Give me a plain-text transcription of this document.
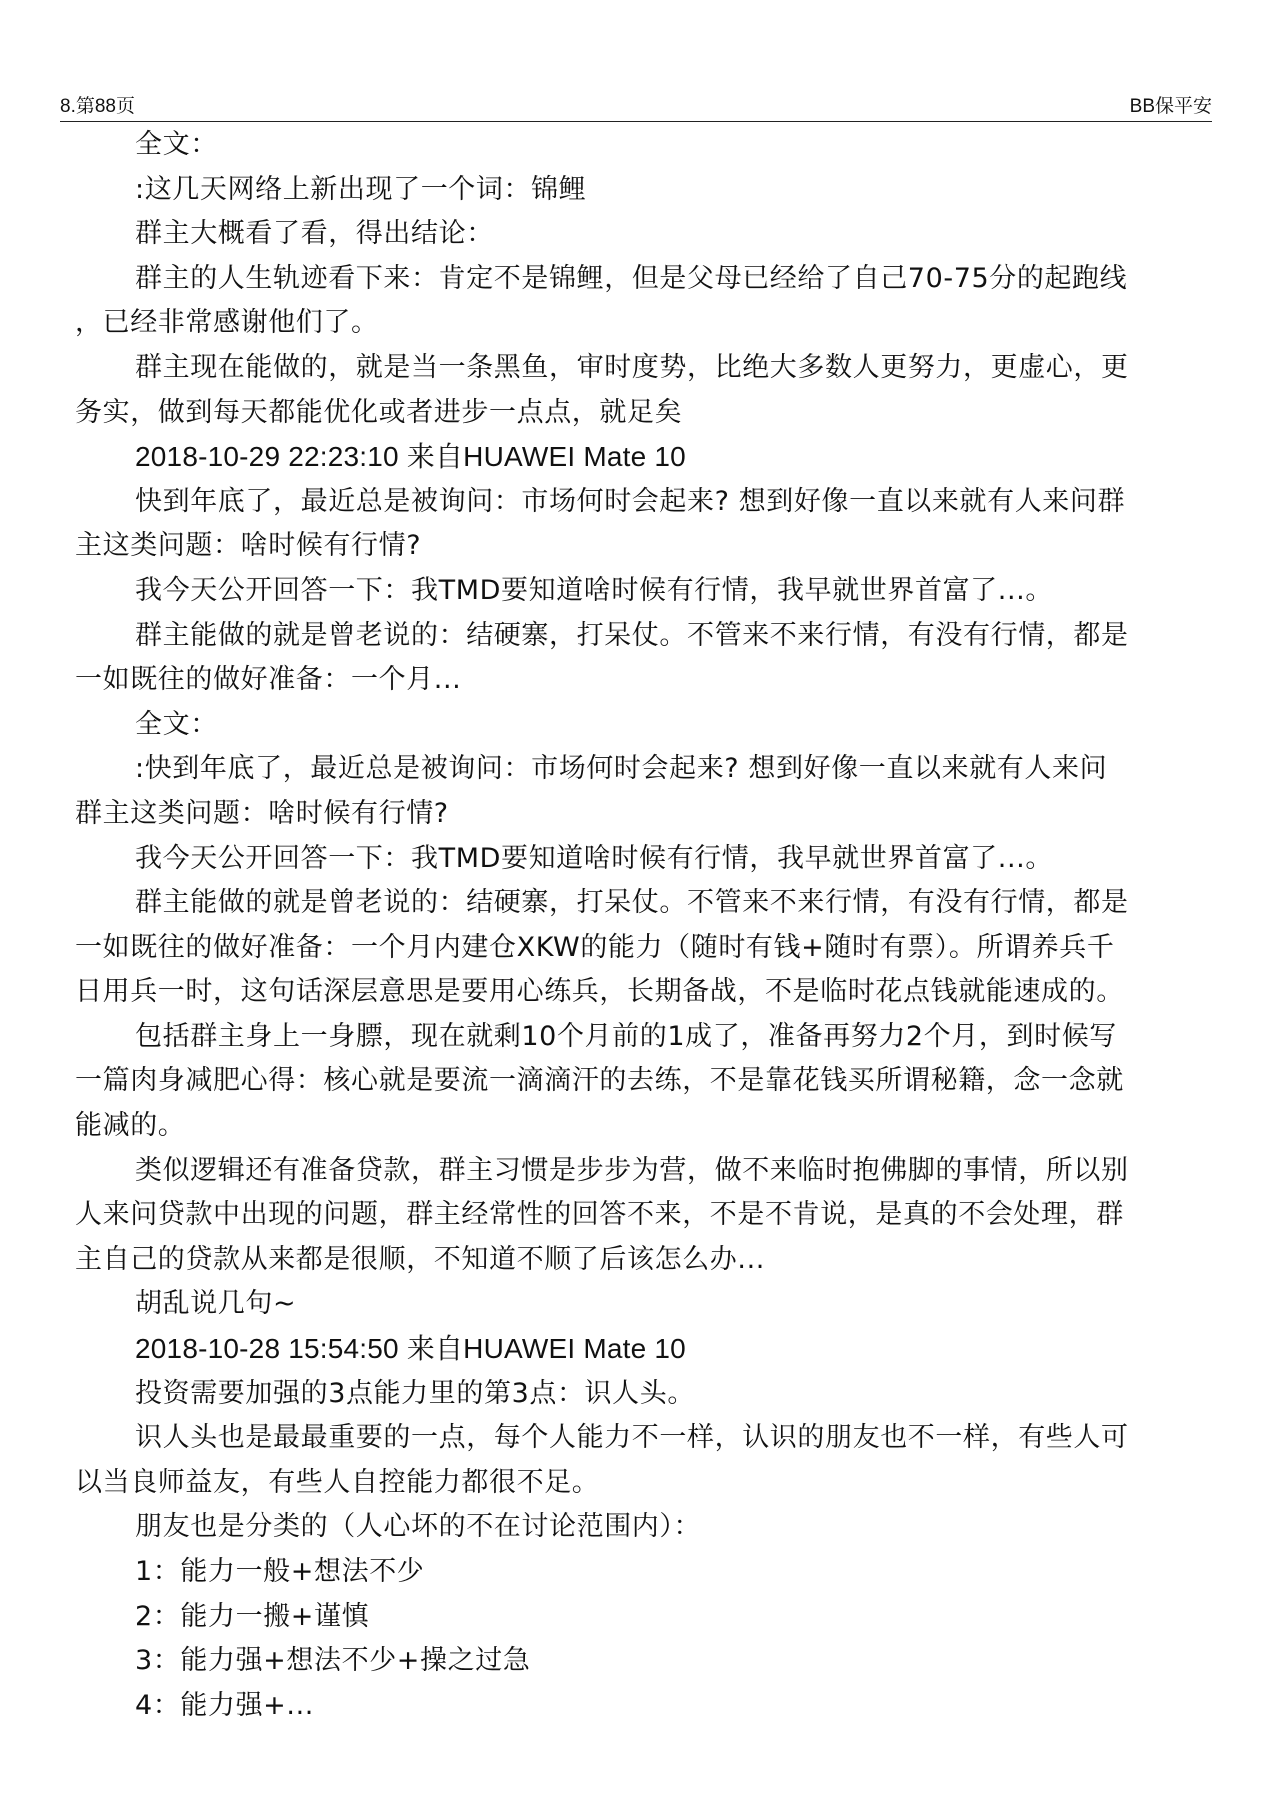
8.第88页	BB保平安

全文：

:这几天网络上新出现了一个词：锦鲤

群主大概看了看，得出结论：

群主的人生轨迹看下来：肯定不是锦鲤，但是父母已经给了自己70-75分的起跑线

，已经非常感谢他们了。

群主现在能做的，就是当一条黑鱼，审时度势，比绝大多数人更努力，更虚心，更

务实，做到每天都能优化或者进步一点点，就足矣

2018-10-29 22:23:10 来自HUAWEI Mate 10

快到年底了，最近总是被询问：市场何时会起来? 想到好像一直以来就有人来问群

主这类问题：啥时候有行情?

我今天公开回答一下：我TMD要知道啥时候有行情，我早就世界首富了...。

群主能做的就是曾老说的：结硬寨，打呆仗。不管来不来行情，有没有行情，都是

一如既往的做好准备：一个月...

全文：

:快到年底了，最近总是被询问：市场何时会起来? 想到好像一直以来就有人来问

群主这类问题：啥时候有行情?

我今天公开回答一下：我TMD要知道啥时候有行情，我早就世界首富了...。

群主能做的就是曾老说的：结硬寨，打呆仗。不管来不来行情，有没有行情，都是

一如既往的做好准备：一个月内建仓XKW的能力（随时有钱+随时有票）。所谓养兵千

日用兵一时，这句话深层意思是要用心练兵，长期备战，不是临时花点钱就能速成的。

包括群主身上一身膘，现在就剩10个月前的1成了，准备再努力2个月，到时候写

一篇肉身减肥心得：核心就是要流一滴滴汗的去练，不是靠花钱买所谓秘籍，念一念就

能减的。

类似逻辑还有准备贷款，群主习惯是步步为营，做不来临时抱佛脚的事情，所以别

人来问贷款中出现的问题，群主经常性的回答不来，不是不肯说，是真的不会处理，群

主自己的贷款从来都是很顺，不知道不顺了后该怎么办...

胡乱说几句~

2018-10-28 15:54:50 来自HUAWEI Mate 10

投资需要加强的3点能力里的第3点：识人头。

识人头也是最最重要的一点，每个人能力不一样，认识的朋友也不一样，有些人可

以当良师益友，有些人自控能力都很不足。

朋友也是分类的（人心坏的不在讨论范围内）：

1：能力一般+想法不少

2：能力一搬+谨慎

3：能力强+想法不少+操之过急

4：能力强+...
